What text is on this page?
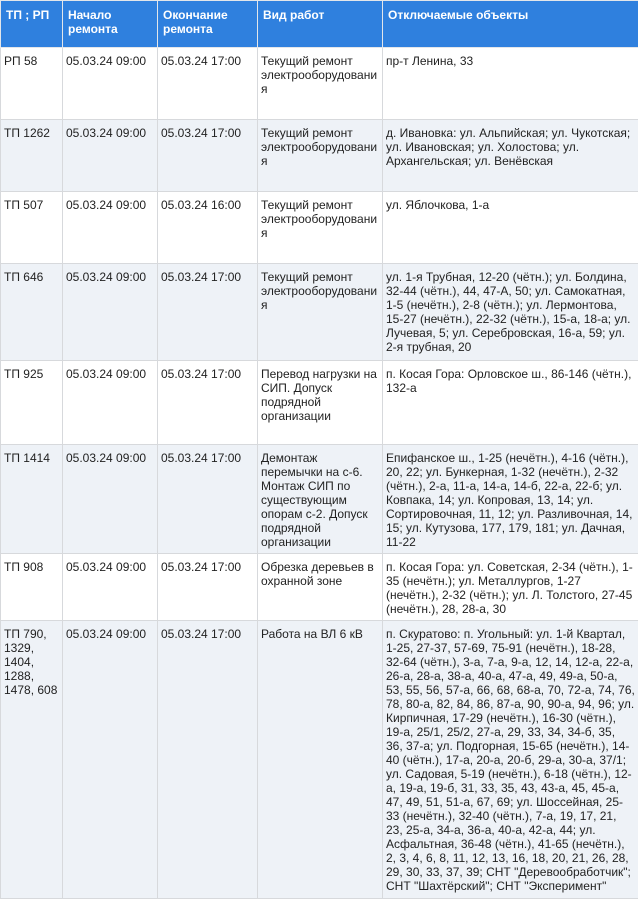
ТП ; РП	Начало ремонта	Окончание ремонта	Вид работ	Отключаемые объекты
РП 58	05.03.24 09:00	05.03.24 17:00	Текущий ремонт электрооборудования	пр-т Ленина, 33
ТП 1262	05.03.24 09:00	05.03.24 17:00	Текущий ремонт электрооборудования	д. Ивановка: ул. Альпийская; ул. Чукотская; ул. Ивановская; ул. Холостова; ул. Архангельская; ул. Венёвская
ТП 507	05.03.24 09:00	05.03.24 16:00	Текущий ремонт электрооборудования	ул. Яблочкова, 1-а
ТП 646	05.03.24 09:00	05.03.24 17:00	Текущий ремонт электрооборудования	ул. 1-я Трубная, 12-20 (чётн.); ул. Болдина, 32-44 (чётн.), 44, 47-А, 50; ул. Самокатная, 1-5 (нечётн.), 2-8 (чётн.); ул. Лермонтова, 15-27 (нечётн.), 22-32 (чётн.), 15-а, 18-а; ул. Лучевая, 5; ул. Серебровская, 16-а, 59; ул. 2-я трубная, 20
ТП 925	05.03.24 09:00	05.03.24 17:00	Перевод нагрузки на СИП. Допуск подрядной организации	п. Косая Гора: Орловское ш., 86-146 (чётн.), 132-а
ТП 1414	05.03.24 09:00	05.03.24 17:00	Демонтаж перемычки на с-6. Монтаж СИП по существующим опорам с-2. Допуск подрядной организации	Епифанское ш., 1-25 (нечётн.), 4-16 (чётн.), 20, 22; ул. Бункерная, 1-32 (нечётн.), 2-32 (чётн.), 2-а, 11-а, 14-а, 14-б, 22-а, 22-б; ул. Ковпака, 14; ул. Копровая, 13, 14; ул. Сортировочная, 11, 12; ул. Разливочная, 14, 15; ул. Кутузова, 177, 179, 181; ул. Дачная, 11-22
ТП 908	05.03.24 09:00	05.03.24 17:00	Обрезка деревьев в охранной зоне	п. Косая Гора: ул. Советская, 2-34 (чётн.), 1-35 (нечётн.); ул. Металлургов, 1-27 (нечётн.), 2-32 (чётн.); ул. Л. Толстого, 27-45 (нечётн.), 28, 28-а, 30
ТП 790, 1329, 1404, 1288, 1478, 608	05.03.24 09:00	05.03.24 17:00	Работа на ВЛ 6 кВ	п. Скуратово: п. Угольный: ул. 1-й Квартал, 1-25, 27-37, 57-69, 75-91 (нечётн.), 18-28, 32-64 (чётн.), 3-а, 7-а, 9-а, 12, 14, 12-а, 22-а, 26-а, 28-а, 38-а, 40-а, 47-а, 49, 49-а, 50-а, 53, 55, 56, 57-а, 66, 68, 68-а, 70, 72-а, 74, 76, 78, 80-а, 82, 84, 86, 87-а, 90, 90-а, 94, 96; ул. Кирпичная, 17-29 (нечётн.), 16-30 (чётн.), 19-а, 25/1, 25/2, 27-а, 29, 33, 34, 34-б, 35, 36, 37-а; ул. Подгорная, 15-65 (нечётн.), 14-40 (чётн.), 17-а, 20-а, 20-б, 29-а, 30-а, 37/1; ул. Садовая, 5-19 (нечётн.), 6-18 (чётн.), 12-а, 19-а, 19-б, 31, 33, 35, 43, 43-а, 45, 45-а, 47, 49, 51, 51-а, 67, 69; ул. Шоссейная, 25-33 (нечётн.), 32-40 (чётн.), 7-а, 19, 17, 21, 23, 25-а, 34-а, 36-а, 40-а, 42-а, 44; ул. Асфальтная, 36-48 (чётн.), 41-65 (нечётн.), 2, 3, 4, 6, 8, 11, 12, 13, 16, 18, 20, 21, 26, 28, 29, 30, 33, 37, 39; СНТ "Деревообработчик"; СНТ "Шахтёрский"; СНТ "Эксперимент"
